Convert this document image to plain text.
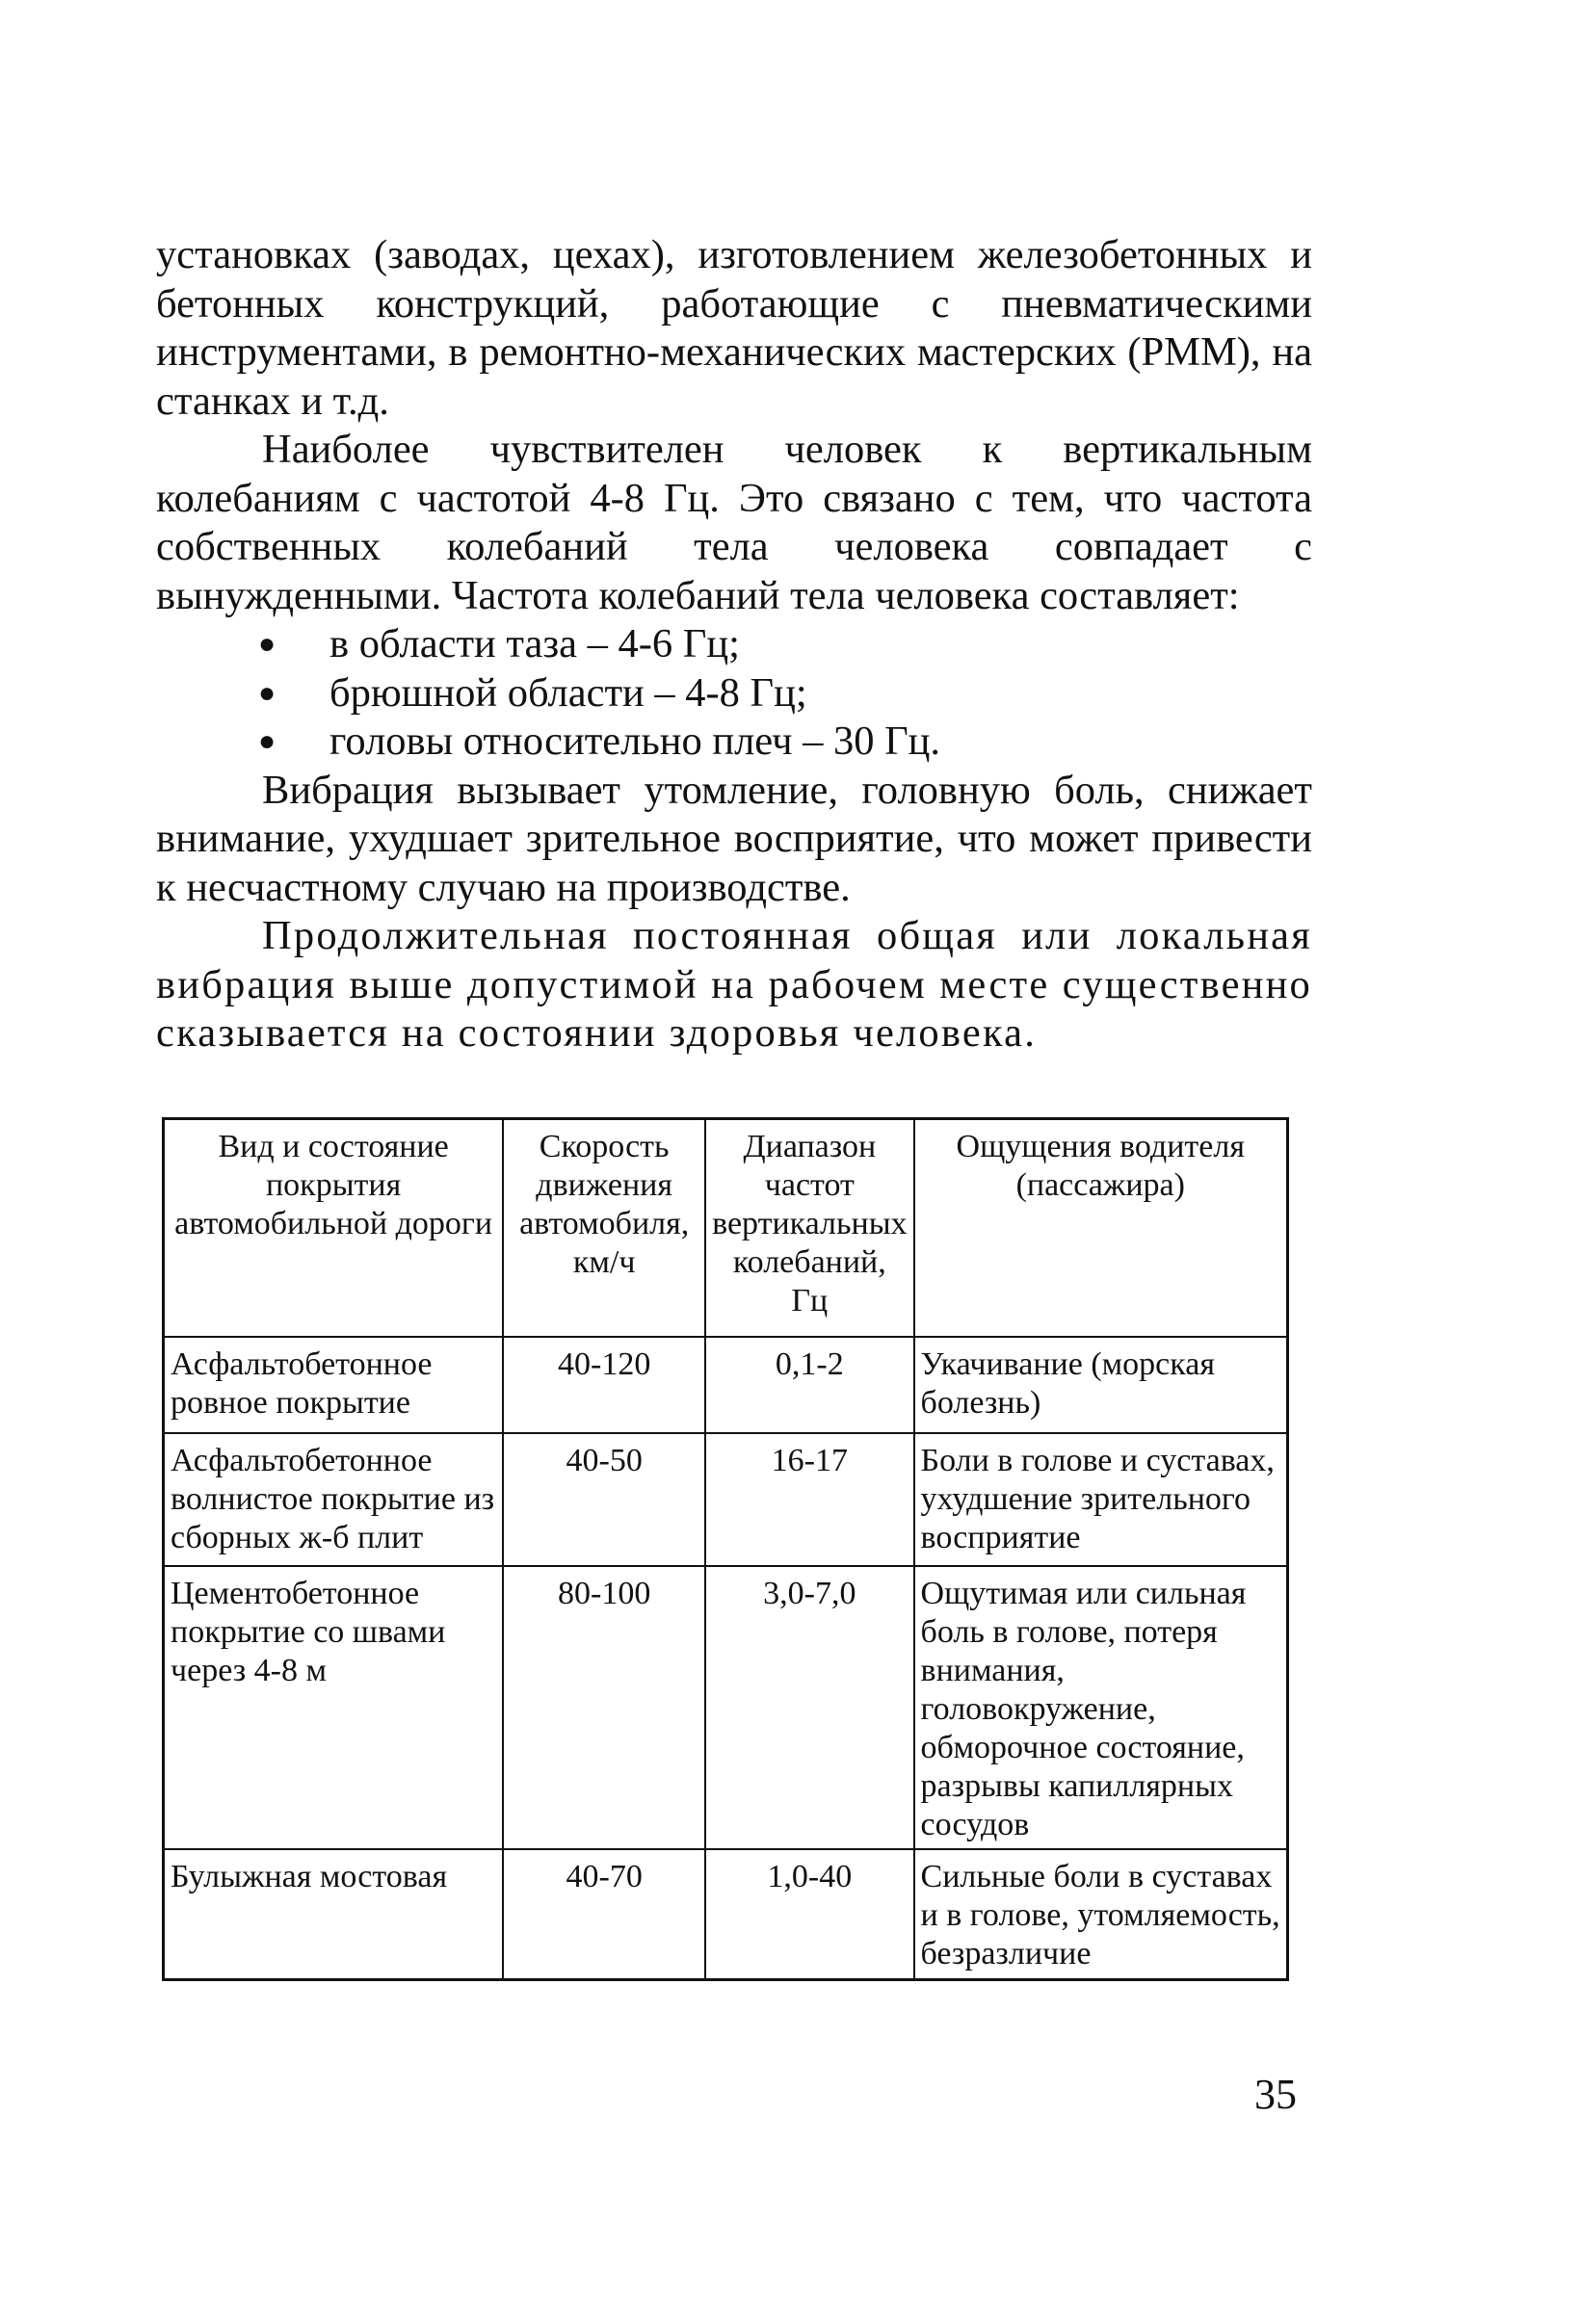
установках (заводах, цехах), изготовлением железобетонных и бетонных конструкций, работающие с пневматическими инструментами, в ремонтно-механических мастерских (РММ), на станках и т.д.

Наиболее чувствителен человек к вертикальным колебаниям с частотой 4-8 Гц. Это связано с тем, что частота собственных колебаний тела человека совпадает с вынужденными. Частота колебаний тела человека составляет:

● в области таза – 4-6 Гц;
● брюшной области – 4-8 Гц;
● головы относительно плеч – 30 Гц.

Вибрация вызывает утомление, головную боль, снижает внимание, ухудшает зрительное восприятие, что может привести к несчастному случаю на производстве.

Продолжительная постоянная общая или локальная вибрация выше допустимой на рабочем месте существенно сказывается на состоянии здоровья человека.

Вид и состояние покрытия автомобильной дороги	Скорость движения автомобиля, км/ч	Диапазон частот вертикальных колебаний, Гц	Ощущения водителя (пассажира)
Асфальтобетонное ровное покрытие	40-120	0,1-2	Укачивание (морская болезнь)
Асфальтобетонное волнистое покрытие из сборных ж-б плит	40-50	16-17	Боли в голове и суставах, ухудшение зрительного восприятие
Цементобетонное покрытие со швами через 4-8 м	80-100	3,0-7,0	Ощутимая или сильная боль в голове, потеря внимания, головокружение, обморочное состояние, разрывы капиллярных сосудов
Булыжная мостовая	40-70	1,0-40	Сильные боли в суставах и в голове, утомляемость, безразличие
35
